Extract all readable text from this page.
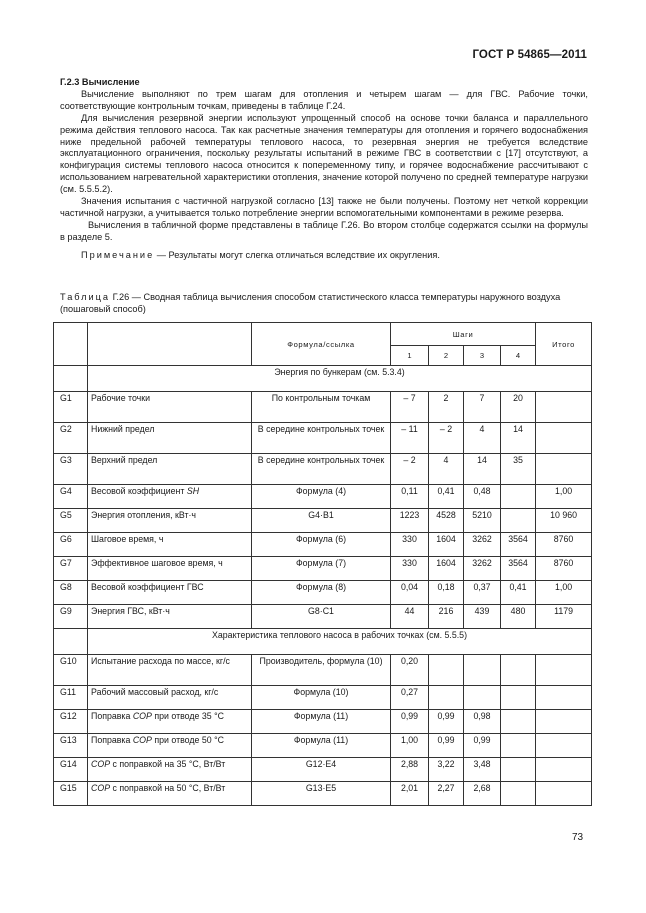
ГОСТ Р 54865—2011

Г.2.3 Вычисление

Вычисление выполняют по трем шагам для отопления и четырем шагам — для ГВС. Рабочие точки, соответствующие контрольным точкам, приведены в таблице Г.24.

Для вычисления резервной энергии используют упрощенный способ на основе точки баланса и параллельного режима действия теплового насоса. Так как расчетные значения температуры для отопления и горячего водоснабжения ниже предельной рабочей температуры теплового насоса, то резервная энергия не требуется вследствие эксплуатационного ограничения, поскольку результаты испытаний в режиме ГВС в соответствии с [17] отсутствуют, а конфигурация системы теплового насоса относится к попеременному типу, и горячее водоснабжение рассчитывают с использованием нагревательной характеристики отопления, значение которой получено по средней температуре нагрузки (см. 5.5.5.2).

Значения испытания с частичной нагрузкой согласно [13] также не были получены. Поэтому нет четкой коррекции частичной нагрузки, а учитывается только потребление энергии вспомогательными компонентами в режиме резерва.

Вычисления в табличной форме представлены в таблице Г.26. Во втором столбце содержатся ссылки на формулы в разделе 5.

Примечание — Результаты могут слегка отличаться вследствие их округления.

Таблица Г.26 — Сводная таблица вычисления способом статистического класса температуры наружного воздуха (пошаговый способ)
		Формула/ссылка	Шаги				Итого
			1	2	3	4	
	Энергия по бункерам (см. 5.3.4)						
G1	Рабочие точки	По контрольным точкам	– 7	2	7	20	
G2	Нижний предел	В середине контрольных точек	– 11	– 2	4	14	
G3	Верхний предел	В середине контрольных точек	– 2	4	14	35	
G4	Весовой коэффициент SH	Формула (4)	0,11	0,41	0,48		1,00
G5	Энергия отопления, кВт·ч	G4·B1	1223	4528	5210		10 960
G6	Шаговое время, ч	Формула (6)	330	1604	3262	3564	8760
G7	Эффективное шаговое время, ч	Формула (7)	330	1604	3262	3564	8760
G8	Весовой коэффициент ГВС	Формула (8)	0,04	0,18	0,37	0,41	1,00
G9	Энергия ГВС, кВт·ч	G8·C1	44	216	439	480	1179
	Характеристика теплового насоса в рабочих точках (см. 5.5.5)						
G10	Испытание расхода по массе, кг/с	Производитель, формула (10)	0,20				
G11	Рабочий массовый расход, кг/с	Формула (10)	0,27				
G12	Поправка COP при отводе 35 °С	Формула (11)	0,99	0,99	0,98		
G13	Поправка COP при отводе 50 °С	Формула (11)	1,00	0,99	0,99		
G14	COP с поправкой на 35 °С, Вт/Вт	G12·E4	2,88	3,22	3,48		
G15	COP с поправкой на 50 °С, Вт/Вт	G13·E5	2,01	2,27	2,68		
73
